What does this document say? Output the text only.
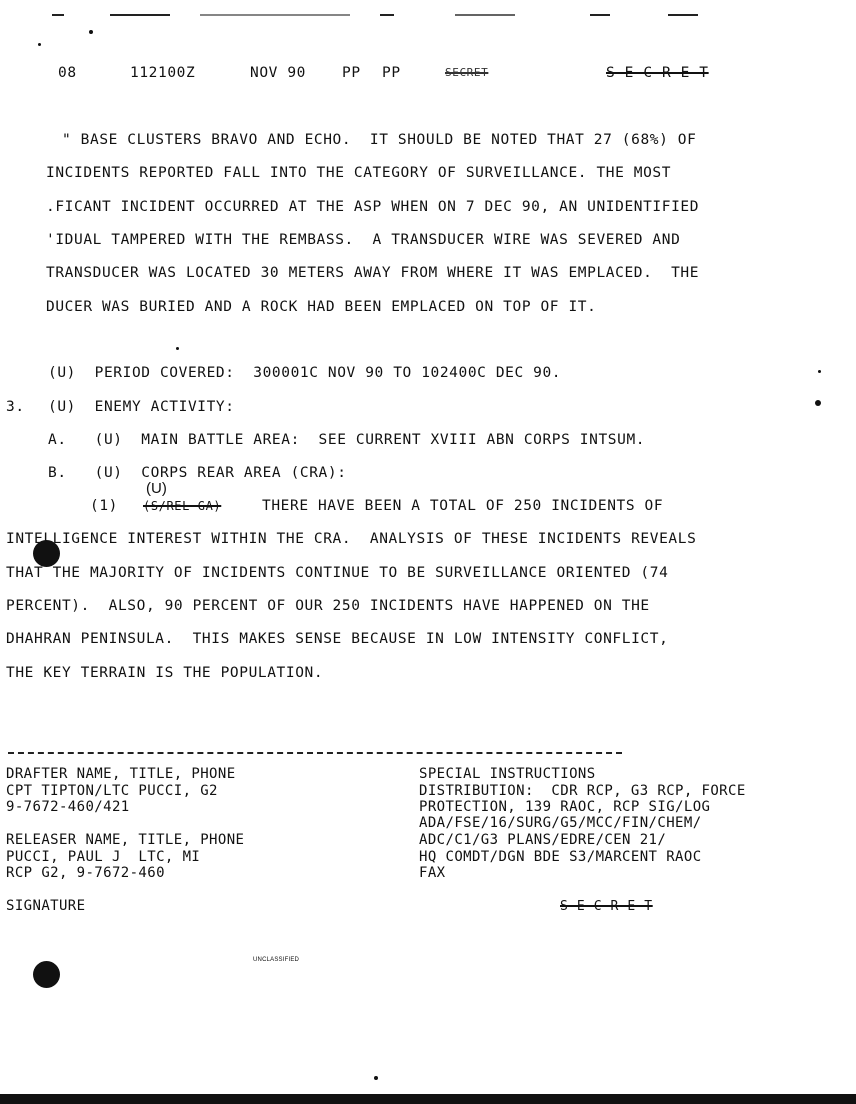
08	112100Z	NOV 90 PP PP	SECRET	S E C R E T
" BASE CLUSTERS BRAVO AND ECHO.  IT SHOULD BE NOTED THAT 27 (68%) OF
INCIDENTS REPORTED FALL INTO THE CATEGORY OF SURVEILLANCE. THE MOST
.FICANT INCIDENT OCCURRED AT THE ASP WHEN ON 7 DEC 90, AN UNIDENTIFIED
'IDUAL TAMPERED WITH THE REMBASS.  A TRANSDUCER WIRE WAS SEVERED AND
TRANSDUCER WAS LOCATED 30 METERS AWAY FROM WHERE IT WAS EMPLACED.  THE
DUCER WAS BURIED AND A ROCK HAD BEEN EMPLACED ON TOP OF IT.
(U)  PERIOD COVERED:  300001C NOV 90 TO 102400C DEC 90.
3. (U)  ENEMY ACTIVITY:
A.   (U)  MAIN BATTLE AREA:  SEE CURRENT XVIII ABN CORPS INTSUM.
B.   (U)  CORPS REAR AREA (CRA):
(U)
(1) (S/REL GA)	THERE HAVE BEEN A TOTAL OF 250 INCIDENTS OF
INTELLIGENCE INTEREST WITHIN THE CRA.  ANALYSIS OF THESE INCIDENTS REVEALS
THAT THE MAJORITY OF INCIDENTS CONTINUE TO BE SURVEILLANCE ORIENTED (74
PERCENT).  ALSO, 90 PERCENT OF OUR 250 INCIDENTS HAVE HAPPENED ON THE
DHAHRAN PENINSULA.  THIS MAKES SENSE BECAUSE IN LOW INTENSITY CONFLICT,
THE KEY TERRAIN IS THE POPULATION.
DRAFTER NAME, TITLE, PHONE
CPT TIPTON/LTC PUCCI, G2
9-7672-460/421
RELEASER NAME, TITLE, PHONE
PUCCI, PAUL J  LTC, MI
RCP G2, 9-7672-460
SIGNATURE
SPECIAL INSTRUCTIONS
DISTRIBUTION:  CDR RCP, G3 RCP, FORCE
PROTECTION, 139 RAOC, RCP SIG/LOG
ADA/FSE/16/SURG/G5/MCC/FIN/CHEM/
ADC/C1/G3 PLANS/EDRE/CEN 21/
HQ COMDT/DGN BDE S3/MARCENT RAOC
FAX
S E C R E T
UNCLASSIFIED
